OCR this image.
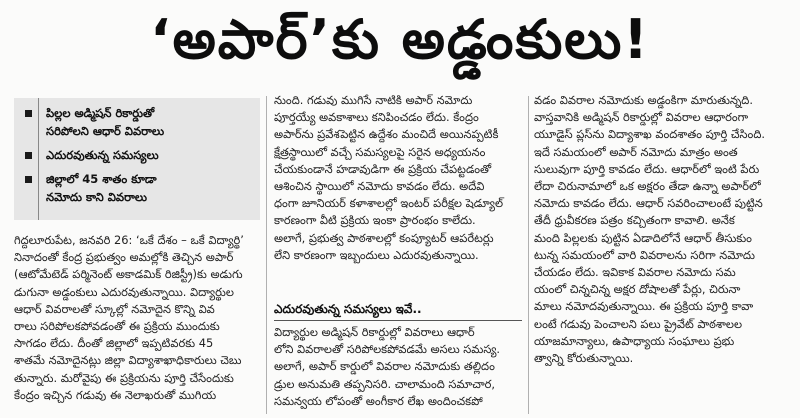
‘అపార్’కు అడ్డంకులు!
పిల్లల అడ్మిషన్ రికార్డుతో
సరిపోలని ఆధార్ వివరాలు
ఎదురవుతున్న సమస్యలు
జిల్లాలో 45 శాతం కూడా
నమోదు కాని వివరాలు

గిద్దలూరుపేట, జనవరి 26: ‘ఒకే దేశం – ఒకే విద్యార్థి’

నినాదంతో కేంద్ర ప్రభుత్వం అమల్లోకి తెచ్చిన అపార్

(ఆటోమేటెడ్ పర్మినెంట్ అకాడమిక్ రిజిస్ట్రీ)కు అడుగు

డుగునా అడ్డంకులు ఎదురవుతున్నాయి. విద్యార్థుల

ఆధార్ వివరాలతో స్కూల్లో నమోదైన కొన్ని వివ

రాలు సరిపోలకపోవడంతో ఈ ప్రక్రియ ముందుకు

సాగడం లేదు. దీంతో జిల్లాలో ఇప్పటివరకు 45

శాతమే నమోదైనట్లు జిల్లా విద్యాశాఖాధికారులు చెబు

తున్నారు. మరోవైపు ఈ ప్రక్రియను పూర్తి చేసేందుకు

కేంద్రం ఇచ్చిన గడువు ఈ నెలాఖరుతో ముగియ

నుంది. గడువు ముగిసే నాటికి అపార్ నమోదు

పూర్తయ్యే అవకాశాలు కనిపించడం లేదు. కేంద్రం

అపార్‌ను ప్రవేశపెట్టిన ఉద్దేశం మంచిదే అయినప్పటికీ

క్షేత్రస్థాయిలో వచ్చే సమస్యలపై సరైన అధ్యయనం

చేయకుండానే హడావుడిగా ఈ ప్రక్రియ చేపట్టడంతో

ఆశించిన స్థాయిలో నమోదు కావడం లేదు. అదేవి

ధంగా జూనియర్ కళాశాలల్లో ఇంటర్ పరీక్షల షెడ్యూల్

కారణంగా వీటి ప్రక్రియ ఇంకా ప్రారంభం కాలేదు.

అలాగే, ప్రభుత్వ పాఠశాలల్లో కంప్యూటర్ ఆపరేటర్లు

లేని కారణంగా ఇబ్బందులు ఎదురవుతున్నాయి.

ఎదురవుతున్న సమస్యలు ఇవే..

విద్యార్థుల అడ్మిషన్ రికార్డుల్లో వివరాలు ఆధార్

లోని వివరాలతో సరిపోలకపోవడమే అసలు సమస్య.

అలాగే, అపార్ కార్డులో వివరాల నమోదుకు తల్లిదం

డ్రుల అనుమతి తప్పనిసరి. చాలామంది సమాచార,

సమన్వయ లోపంతో అంగీకార లేఖ అందించకపో

వడం వివరాల నమోదుకు అడ్డంకిగా మారుతున్నది.

వాస్తవానికి అడ్మిషన్ రికార్డుల్లో వివరాల ఆధారంగా

యూడైస్ ప్లస్‌ను విద్యాశాఖ వందశాతం పూర్తి చేసింది.

ఇదే సమయంలో అపార్ నమోదు మాత్రం అంత

సులువుగా పూర్తి కావడం లేదు. ఆధార్‌లో ఇంటి పేరు

లేదా చిరునామాలో ఒక అక్షరం తేడా ఉన్నా అపార్‌లో

నమోదు కావడం లేదు. ఆధార్ సవరించాలంటే పుట్టిన

తేదీ ధ్రువీకరణ పత్రం కచ్చితంగా కావాలి. అనేక

మంది పిల్లలకు పుట్టిన ఏడాదిలోనే ఆధార్ తీసుకుం

టున్న సమయంలో వారి వివరాలను సరిగా నమోదు

చేయడం లేదు. ఇవికాక వివరాల నమోదు సమ

యంలో చిన్నచిన్న అక్షర దోషాలతో పేర్లు, చిరునా

మాలు నమోదవుతున్నాయి. ఈ ప్రక్రియ పూర్తి కావా

లంటే గడువు పెంచాలని పలు ప్రైవేట్ పాఠశాలల

యాజమాన్యాలు, ఉపాధ్యాయ సంఘాలు ప్రభు

త్వాన్ని కోరుతున్నాయి.
